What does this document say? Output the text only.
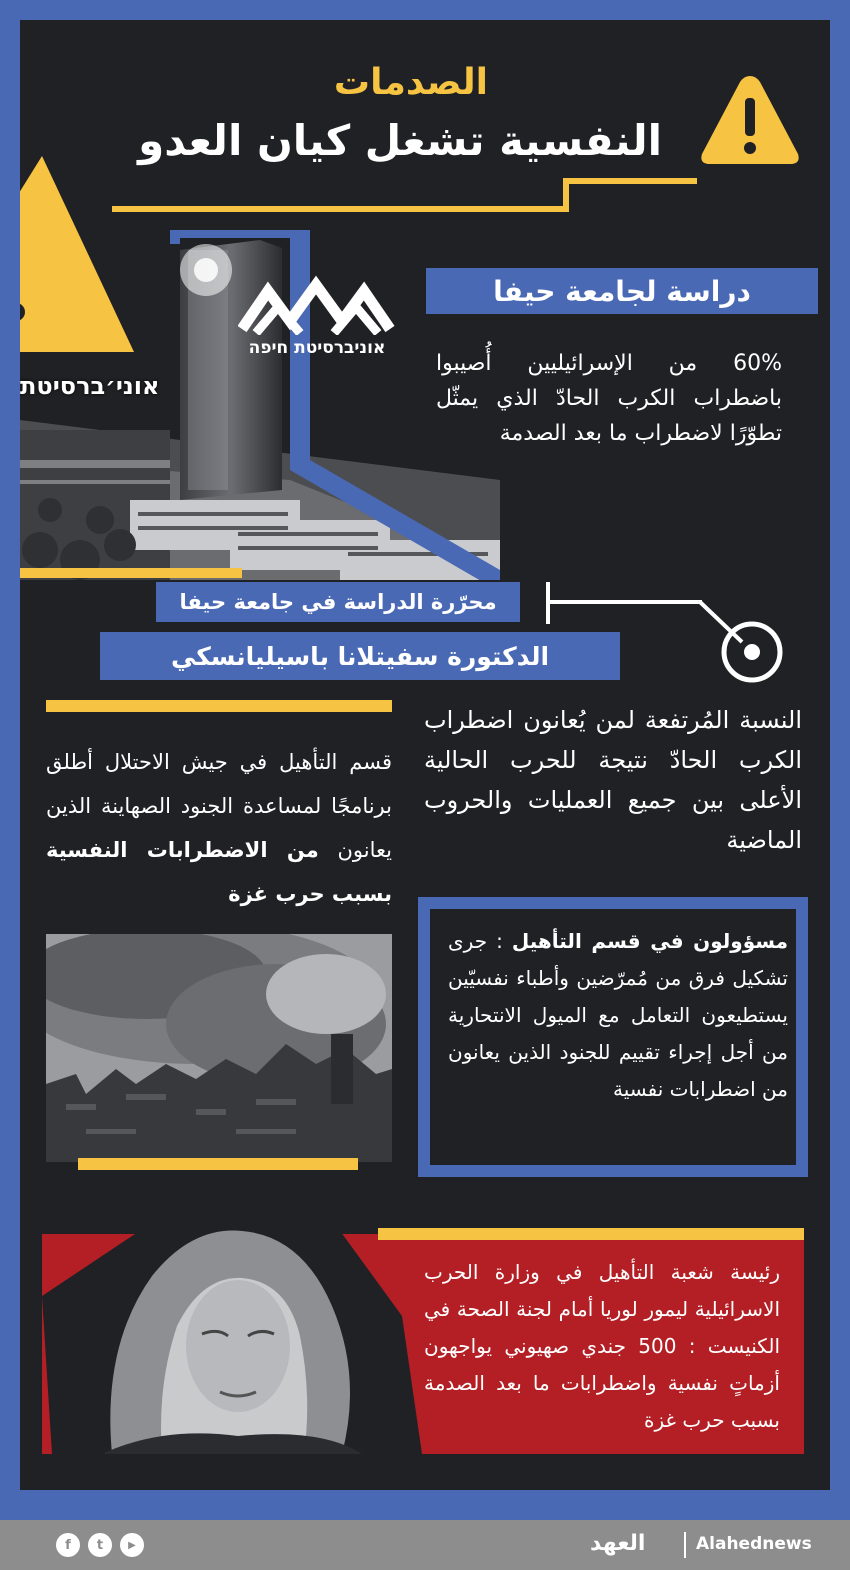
الصدمات
النفسية تشغل كيان العدو
אוניברסיטת חיפה
אוני׳ברסיטת
دراسة لجامعة حيفا
60% من الإسرائيليين أُصيبوا باضطراب الكرب الحادّ الذي يمثّل تطوّرًا لاضطراب ما بعد الصدمة
محرّرة الدراسة في جامعة حيفا
الدكتورة سفيتلانا باسيليانسكي
النسبة المُرتفعة لمن يُعانون اضطراب الكرب الحادّ نتيجة للحرب الحالية الأعلى بين جميع العمليات والحروب الماضية
قسم التأهيل في جيش الاحتلال أطلق برنامجًا لمساعدة الجنود الصهاينة الذين يعانون من الاضطرابات النفسية بسبب حرب غزة
مسؤولون في قسم التأهيل : جرى تشكيل فرق من مُمرّضين وأطباء نفسيّين يستطيعون التعامل مع الميول الانتحارية من أجل إجراء تقييم للجنود الذين يعانون من اضطرابات نفسية
رئيسة شعبة التأهيل في وزارة الحرب الاسرائيلية ليمور لوريا أمام لجنة الصحة في الكنيست : 500 جندي صهيوني يواجهون أزماتٍ نفسية واضطرابات ما بعد الصدمة بسبب حرب غزة
f	t	▶	العهد	Alahednews
